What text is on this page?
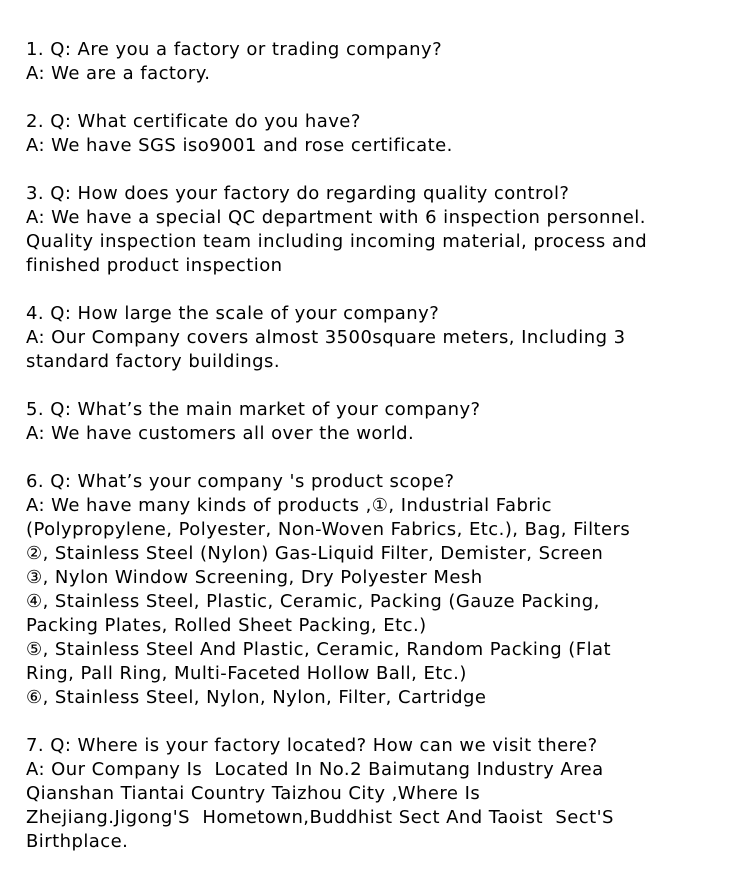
1. Q: Are you a factory or trading company?
A: We are a factory.
2. Q: What certificate do you have?
A: We have SGS iso9001 and rose certificate.
3. Q: How does your factory do regarding quality control?
A: We have a special QC department with 6 inspection personnel.
Quality inspection team including incoming material, process and
finished product inspection
4. Q: How large the scale of your company?
A: Our Company covers almost 3500square meters, Including 3
standard factory buildings.
5. Q: What’s the main market of your company?
A: We have customers all over the world.
6. Q: What’s your company 's product scope?
A: We have many kinds of products ,①, Industrial Fabric
(Polypropylene, Polyester, Non-Woven Fabrics, Etc.), Bag, Filters
②, Stainless Steel (Nylon) Gas-Liquid Filter, Demister, Screen
③, Nylon Window Screening, Dry Polyester Mesh
④, Stainless Steel, Plastic, Ceramic, Packing (Gauze Packing,
Packing Plates, Rolled Sheet Packing, Etc.)
⑤, Stainless Steel And Plastic, Ceramic, Random Packing (Flat
Ring, Pall Ring, Multi-Faceted Hollow Ball, Etc.)
⑥, Stainless Steel, Nylon, Nylon, Filter, Cartridge
7. Q: Where is your factory located? How can we visit there?
A: Our Company Is  Located In No.2 Baimutang Industry Area
Qianshan Tiantai Country Taizhou City ,Where Is
Zhejiang.Jigong'S  Hometown,Buddhist Sect And Taoist  Sect'S
Birthplace.
